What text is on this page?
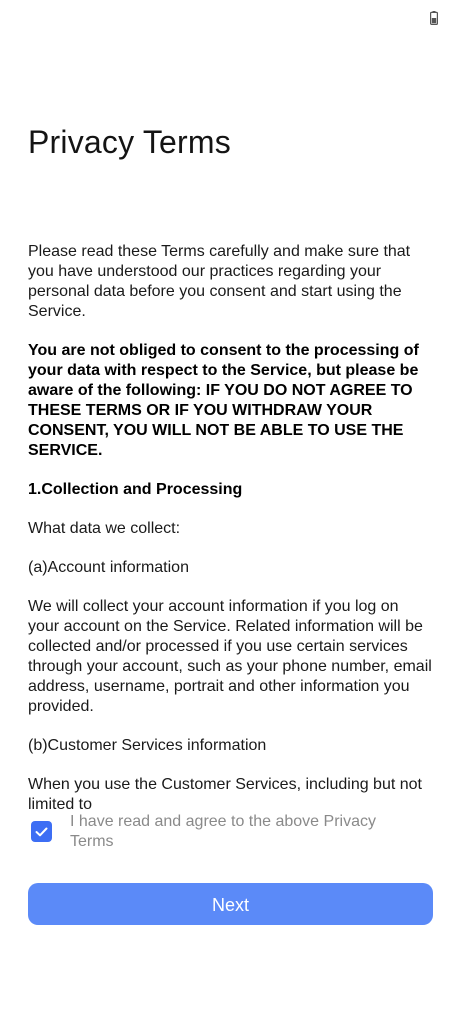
Privacy Terms

Please read these Terms carefully and make sure that you have understood our practices regarding your personal data before you consent and start using the Service.

You are not obliged to consent to the processing of your data with respect to the Service, but please be aware of the following: IF YOU DO NOT AGREE TO THESE TERMS OR IF YOU WITHDRAW YOUR CONSENT, YOU WILL NOT BE ABLE TO USE THE SERVICE.

1.Collection and Processing

What data we collect:

(a)Account information

We will collect your account information if you log on your account on the Service. Related information will be collected and/or processed if you use certain services through your account, such as your phone number, email address, username, portrait and other information you provided.

(b)Customer Services information

When you use the Customer Services, including but not limited to

I have read and agree to the above Privacy Terms
Next
